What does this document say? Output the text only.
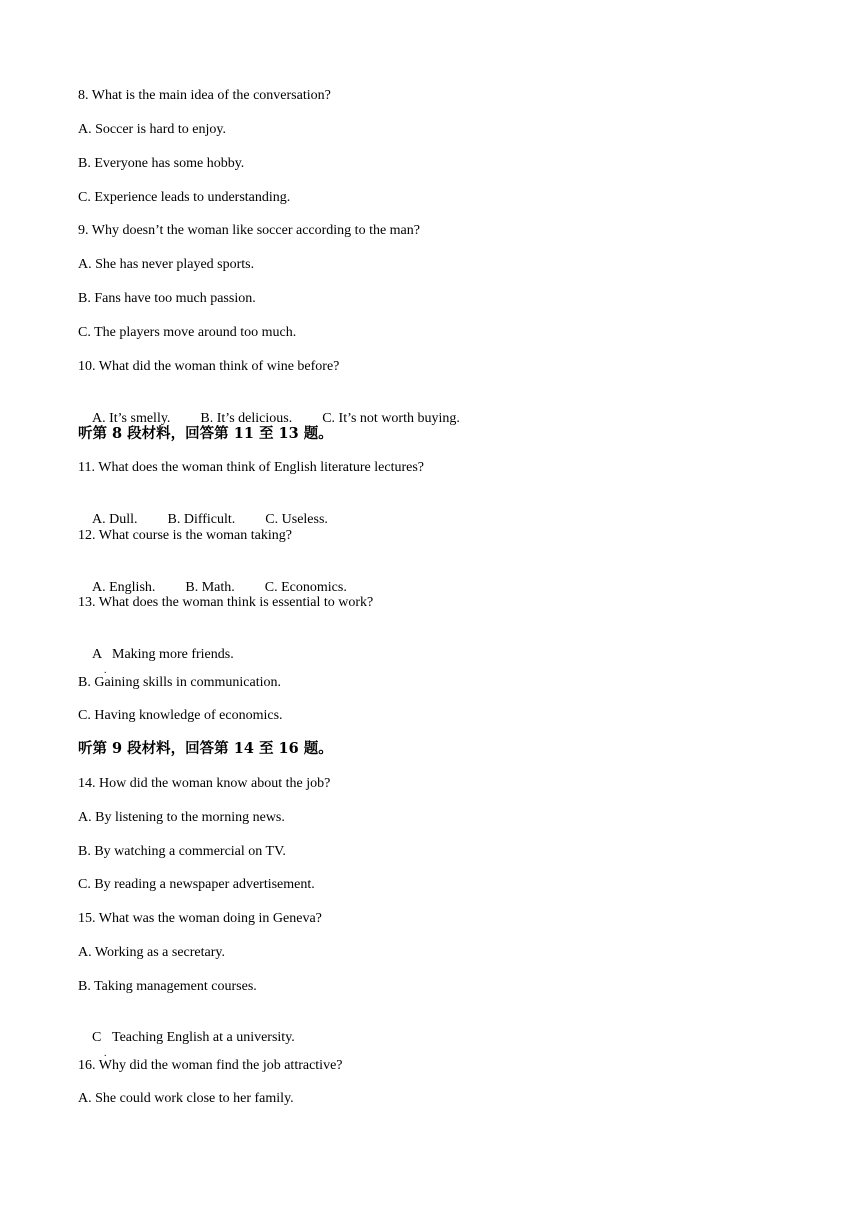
8. What is the main idea of the conversation?
A. Soccer is hard to enjoy.
B. Everyone has some hobby.
C. Experience leads to understanding.
9. Why doesn’t the woman like soccer according to the man?
A. She has never played sports.
B. Fans have too much passion.
C. The players move around too much.
10. What did the woman think of wine before?

A. It’s smelly. B. It’s delicious. C. It’s not worth buying.

听第 8 段材料，回答第 11 至 13 题。
11. What does the woman think of English literature lectures?

A. Dull. B. Difficult. C. Useless.

12. What course is the woman taking?

A. English. B. Math. C. Economics.

13. What does the woman think is essential to work?

A
.
Making more friends.

B. Gaining skills in communication.
C. Having knowledge of economics.
听第 9 段材料，回答第 14 至 16 题。
14. How did the woman know about the job?
A. By listening to the morning news.
B. By watching a commercial on TV.
C. By reading a newspaper advertisement.
15. What was the woman doing in Geneva?
A. Working as a secretary.
B. Taking management courses.

C
.
Teaching English at a university.

16. Why did the woman find the job attractive?
A. She could work close to her family.
